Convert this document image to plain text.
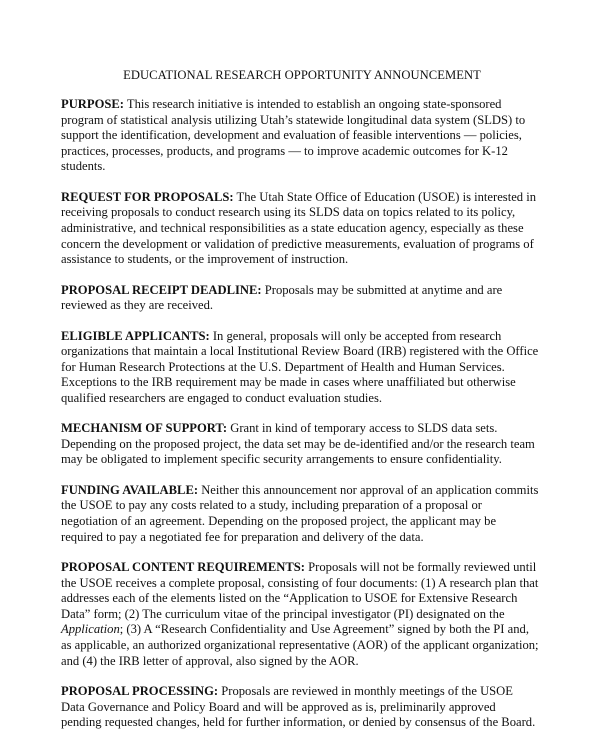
EDUCATIONAL RESEARCH OPPORTUNITY ANNOUNCEMENT

PURPOSE: This research initiative is intended to establish an ongoing state-sponsored program of statistical analysis utilizing Utah’s statewide longitudinal data system (SLDS) to support the identification, development and evaluation of feasible interventions — policies, practices, processes, products, and programs — to improve academic outcomes for K-12 students.

REQUEST FOR PROPOSALS: The Utah State Office of Education (USOE) is interested in receiving proposals to conduct research using its SLDS data on topics related to its policy, administrative, and technical responsibilities as a state education agency, especially as these concern the development or validation of predictive measurements, evaluation of programs of assistance to students, or the improvement of instruction.

PROPOSAL RECEIPT DEADLINE: Proposals may be submitted at anytime and are reviewed as they are received.

ELIGIBLE APPLICANTS: In general, proposals will only be accepted from research organizations that maintain a local Institutional Review Board (IRB) registered with the Office for Human Research Protections at the U.S. Department of Health and Human Services. Exceptions to the IRB requirement may be made in cases where unaffiliated but otherwise qualified researchers are engaged to conduct evaluation studies.

MECHANISM OF SUPPORT: Grant in kind of temporary access to SLDS data sets. Depending on the proposed project, the data set may be de-identified and/or the research team may be obligated to implement specific security arrangements to ensure confidentiality.

FUNDING AVAILABLE: Neither this announcement nor approval of an application commits the USOE to pay any costs related to a study, including preparation of a proposal or negotiation of an agreement. Depending on the proposed project, the applicant may be required to pay a negotiated fee for preparation and delivery of the data.

PROPOSAL CONTENT REQUIREMENTS: Proposals will not be formally reviewed until the USOE receives a complete proposal, consisting of four documents: (1) A research plan that addresses each of the elements listed on the “Application to USOE for Extensive Research Data” form; (2) The curriculum vitae of the principal investigator (PI) designated on the Application; (3) A “Research Confidentiality and Use Agreement” signed by both the PI and, as applicable, an authorized organizational representative (AOR) of the applicant organization; and (4) the IRB letter of approval, also signed by the AOR.

PROPOSAL PROCESSING: Proposals are reviewed in monthly meetings of the USOE Data Governance and Policy Board and will be approved as is, preliminarily approved pending requested changes, held for further information, or denied by consensus of the Board.
